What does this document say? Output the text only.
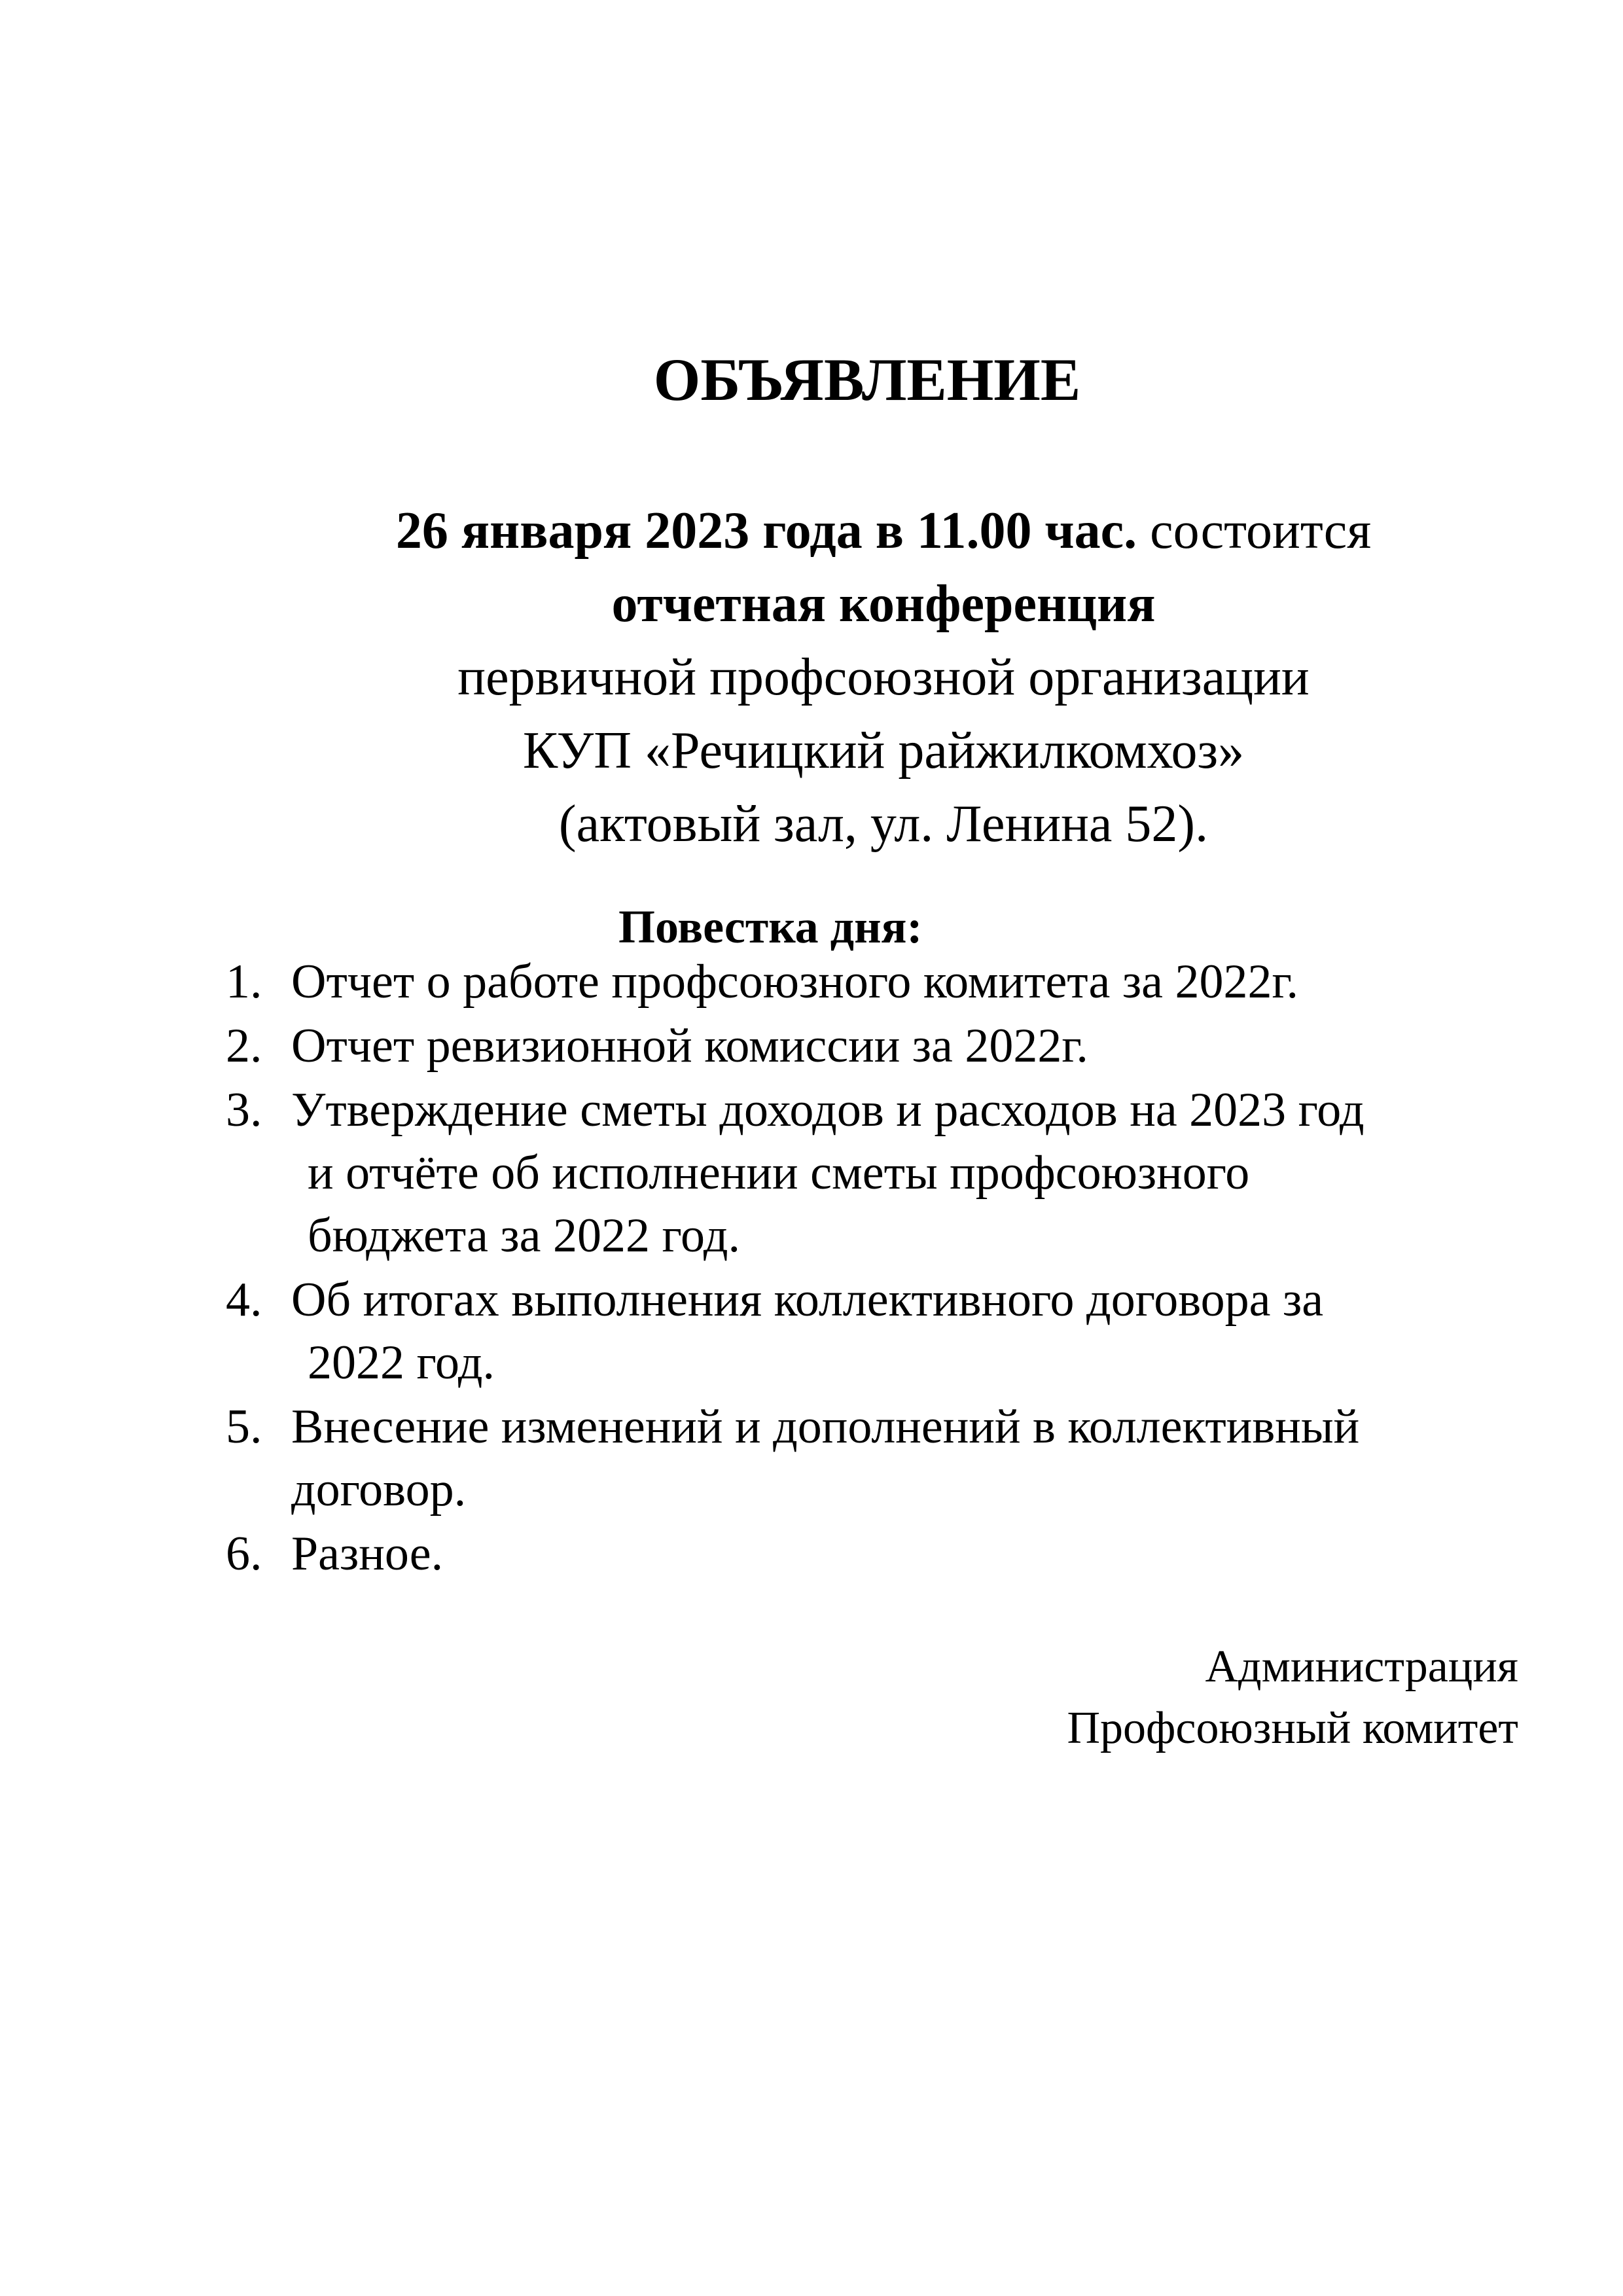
ОБЪЯВЛЕНИЕ
26 января 2023 года в 11.00 час. состоится
отчетная конференция
первичной профсоюзной организации
КУП «Речицкий райжилкомхоз»
(актовый зал, ул. Ленина 52).
Повестка дня:
1. Отчет о работе профсоюзного комитета за 2022г.
2. Отчет ревизионной комиссии за 2022г.
3. Утверждение сметы доходов и расходов на 2023 год
и отчёте об исполнении сметы профсоюзного
бюджета за 2022 год.
4. Об итогах выполнения коллективного договора за
2022 год.
5. Внесение изменений и дополнений в коллективный
договор.
6. Разное.
Администрация
Профсоюзный комитет
